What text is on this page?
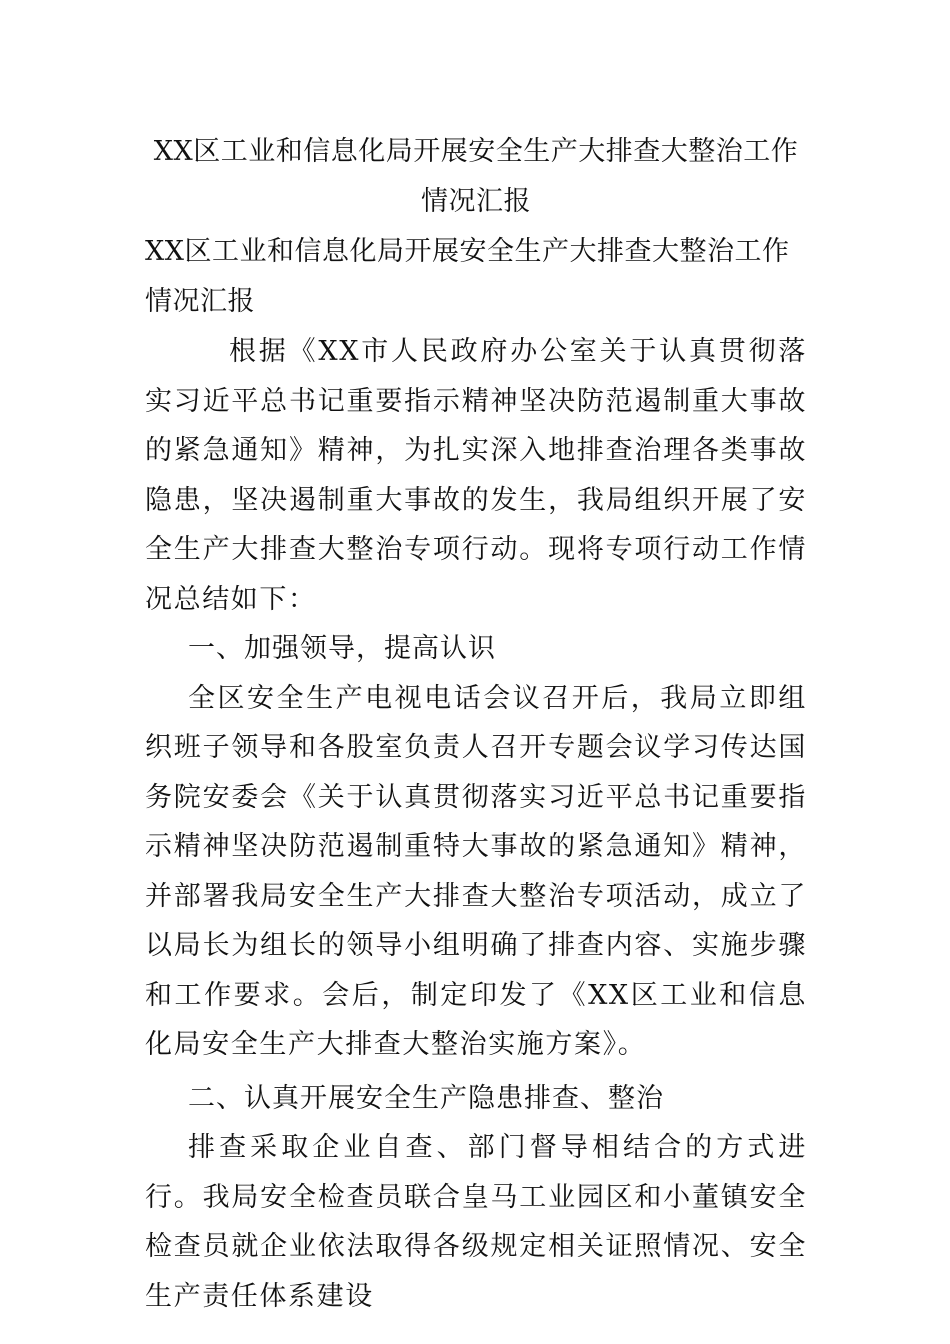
XX区工业和信息化局开展安全生产大排查大整治工作情况汇报

XX区工业和信息化局开展安全生产大排查大整治工作情况汇报

根据《XX市人民政府办公室关于认真贯彻落实习近平总书记重要指示精神坚决防范遏制重大事故的紧急通知》精神，为扎实深入地排查治理各类事故隐患，坚决遏制重大事故的发生，我局组织开展了安全生产大排查大整治专项行动。现将专项行动工作情况总结如下：

一、加强领导，提高认识

全区安全生产电视电话会议召开后，我局立即组织班子领导和各股室负责人召开专题会议学习传达国务院安委会《关于认真贯彻落实习近平总书记重要指示精神坚决防范遏制重特大事故的紧急通知》精神，并部署我局安全生产大排查大整治专项活动，成立了以局长为组长的领导小组明确了排查内容、实施步骤和工作要求。会后，制定印发了《XX区工业和信息化局安全生产大排查大整治实施方案》。

二、认真开展安全生产隐患排查、整治

排查采取企业自查、部门督导相结合的方式进行。我局安全检查员联合皇马工业园区和小董镇安全检查员就企业依法取得各级规定相关证照情况、安全生产责任体系建设
